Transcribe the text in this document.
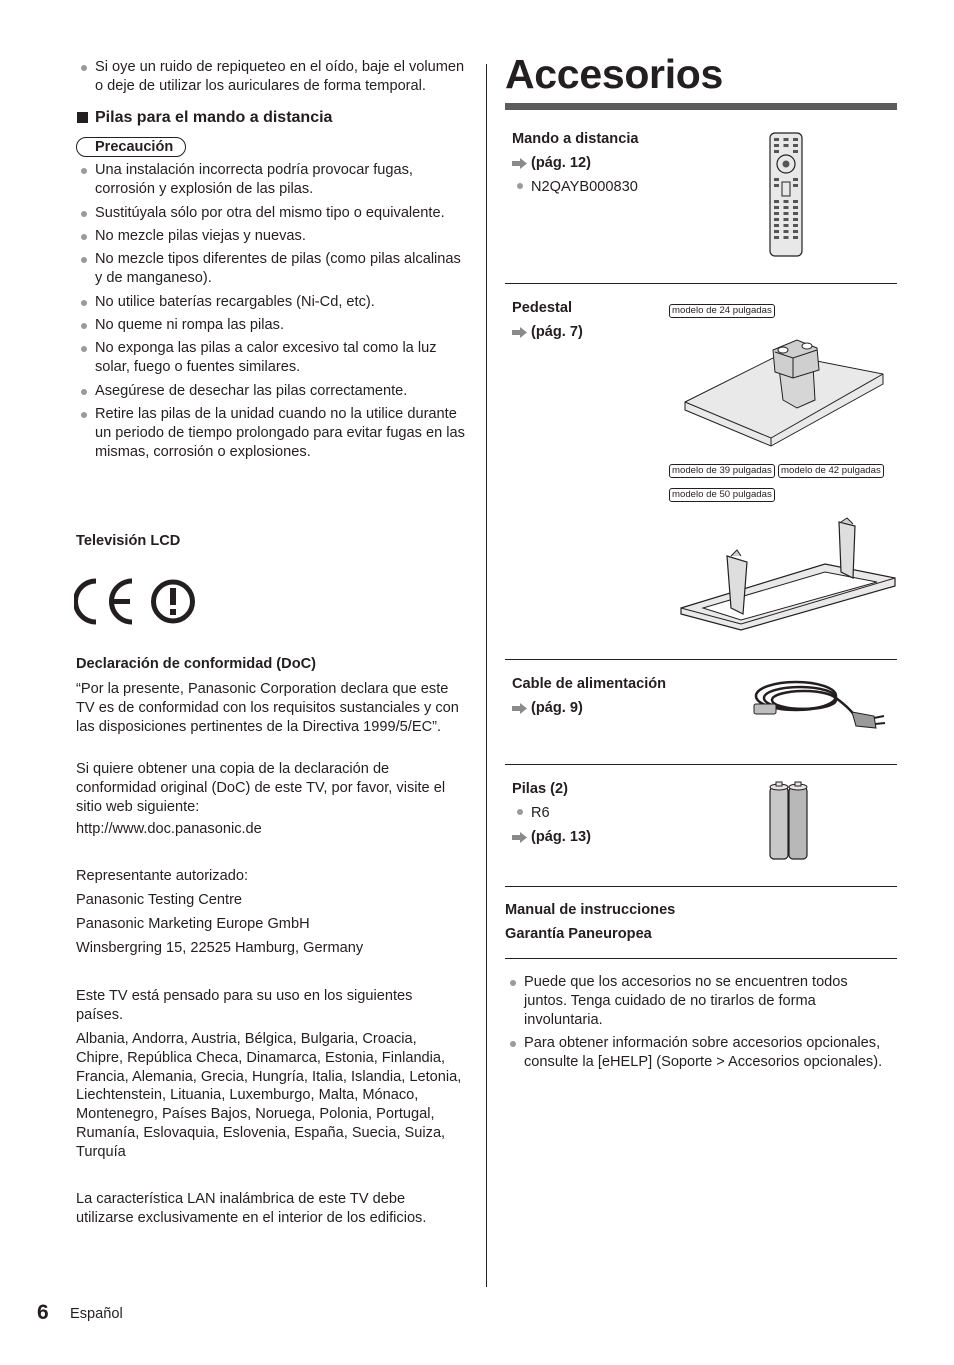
Si oye un ruido de repiqueteo en el oído, baje el volumen o deje de utilizar los auriculares de forma temporal.

Pilas para el mando a distancia

Precaución

Una instalación incorrecta podría provocar fugas, corrosión y explosión de las pilas.

Sustitúyala sólo por otra del mismo tipo o equivalente.

No mezcle pilas viejas y nuevas.

No mezcle tipos diferentes de pilas (como pilas alcalinas y de manganeso).

No utilice baterías recargables (Ni-Cd, etc).

No queme ni rompa las pilas.

No exponga las pilas a calor excesivo tal como la luz solar, fuego o fuentes similares.

Asegúrese de desechar las pilas correctamente.

Retire las pilas de la unidad cuando no la utilice durante un periodo de tiempo prolongado para evitar fugas en las mismas, corrosión o explosiones.

Televisión LCD
Declaración de conformidad (DoC)
“Por la presente, Panasonic Corporation declara que este TV es de conformidad con los requisitos sustanciales y con las disposiciones pertinentes de la Directiva 1999/5/EC”.
Si quiere obtener una copia de la declaración de conformidad original (DoC) de este TV, por favor, visite el sitio web siguiente:
http://www.doc.panasonic.de
Representante autorizado:
Panasonic Testing Centre
Panasonic Marketing Europe GmbH
Winsbergring 15, 22525 Hamburg, Germany
Este TV está pensado para su uso en los siguientes países.
Albania, Andorra, Austria, Bélgica, Bulgaria, Croacia, Chipre, República Checa, Dinamarca, Estonia, Finlandia, Francia, Alemania, Grecia, Hungría, Italia, Islandia, Letonia, Liechtenstein, Lituania, Luxemburgo, Malta, Mónaco, Montenegro, Países Bajos, Noruega, Polonia, Portugal, Rumanía, Eslovaquia, Eslovenia, España, Suecia, Suiza, Turquía
La característica LAN inalámbrica de este TV debe utilizarse exclusivamente en el interior de los edificios.
Accesorios
Mando a distancia
(pág. 12)
N2QAYB000830
Pedestal
(pág. 7)
modelo de 24 pulgadas
modelo de 39 pulgadas modelo de 42 pulgadas
modelo de 50 pulgadas
Cable de alimentación
(pág. 9)
Pilas (2)
R6
(pág. 13)
Manual de instrucciones
Garantía Paneuropea

Puede que los accesorios no se encuentren todos juntos. Tenga cuidado de no tirarlos de forma involuntaria.

Para obtener información sobre accesorios opcionales, consulte la [eHELP] (Soporte > Accesorios opcionales).

6 Español
